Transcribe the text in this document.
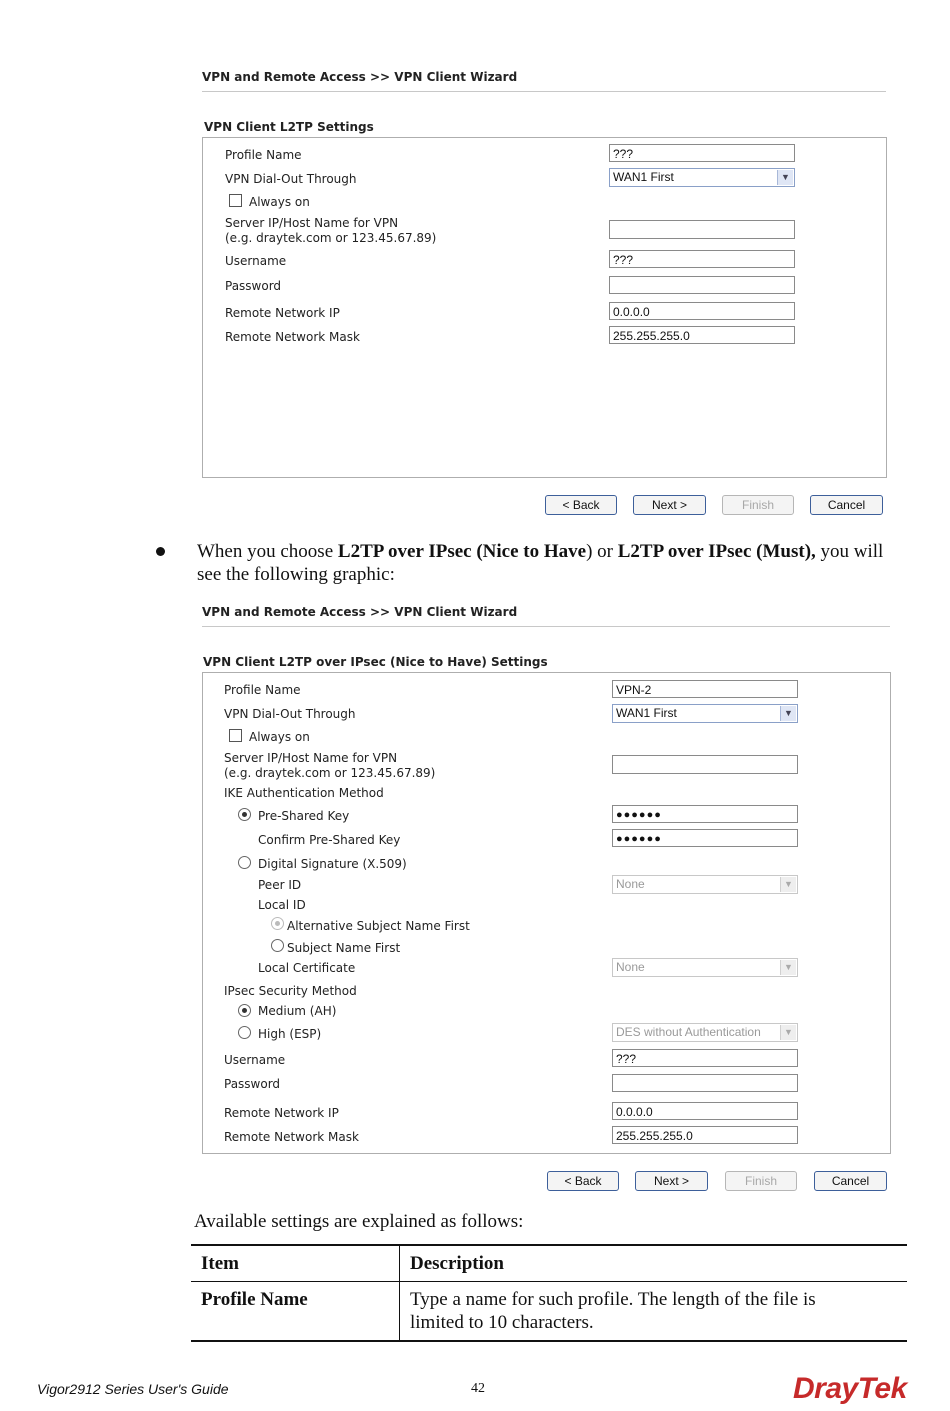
VPN and Remote Access >> VPN Client Wizard
VPN Client L2TP Settings
Profile Name	???
VPN Dial-Out Through	WAN1 First	▼
Always on
Server IP/Host Name for VPN
(e.g. draytek.com or 123.45.67.89)
Username	???
Password
Remote Network IP	0.0.0.0
Remote Network Mask	255.255.255.0
< Back	Next >	Finish	Cancel
When you choose L2TP over IPsec (Nice to Have) or L2TP over IPsec (Must), you will see the following graphic:
VPN and Remote Access >> VPN Client Wizard
VPN Client L2TP over IPsec (Nice to Have) Settings
Profile Name	VPN-2
VPN Dial-Out Through	WAN1 First	▼
Always on
Server IP/Host Name for VPN
(e.g. draytek.com or 123.45.67.89)
IKE Authentication Method
Pre-Shared Key	●●●●●●
Confirm Pre-Shared Key	●●●●●●
Digital Signature (X.509)
Peer ID	None	▼
Local ID
Alternative Subject Name First
Subject Name First
Local Certificate	None	▼
IPsec Security Method
Medium (AH)
High (ESP)	DES without Authentication	▼
Username	???
Password
Remote Network IP	0.0.0.0
Remote Network Mask	255.255.255.0
< Back	Next >	Finish	Cancel
Available settings are explained as follows:
Item	Description
Profile Name	Type a name for such profile. The length of the file is limited to 10 characters.
Vigor2912 Series User's Guide	42	DrayTek
